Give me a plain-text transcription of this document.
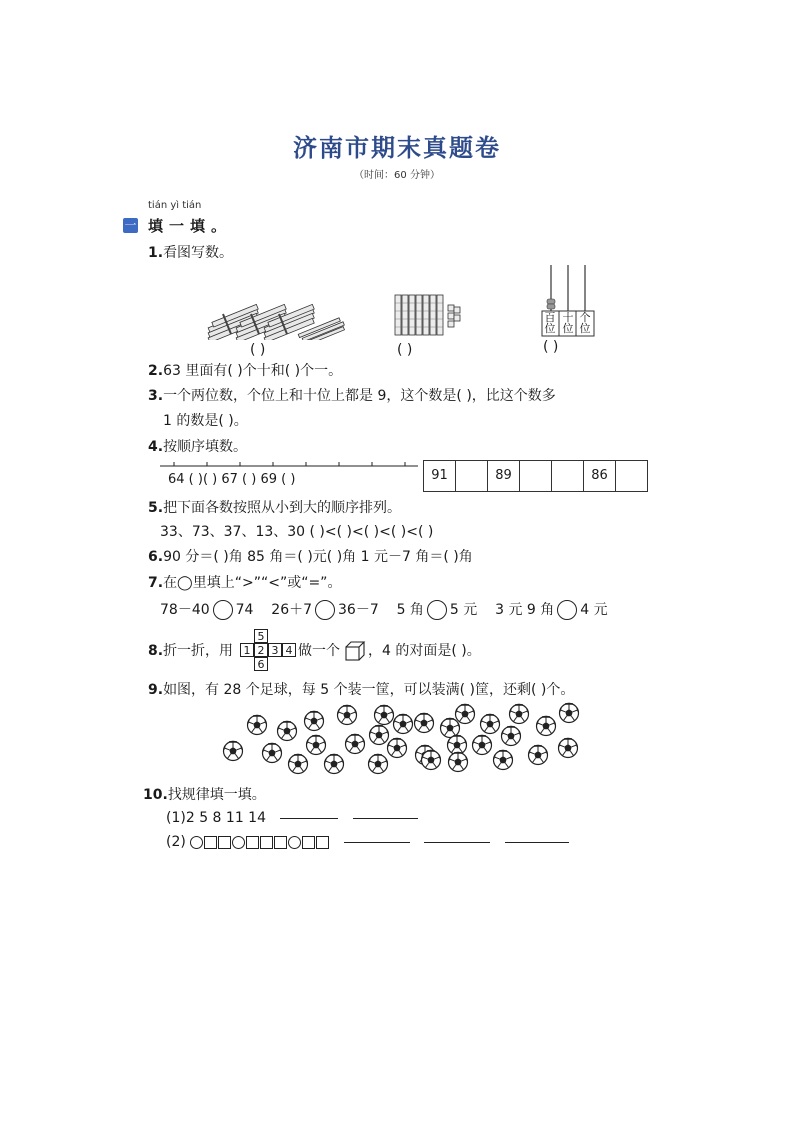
济南市期末真题卷
（时间：60 分钟）
tián yì tián
一 填一填。
1.看图写数。
( )	( )
百位
十位
个位
( )
2.63 里面有( )个十和( )个一。
3.一个两位数，个位上和十位上都是 9，这个数是( )，比这个数多
1 的数是( )。
4.按顺序填数。
64 ( )( ) 67 ( ) 69 ( )	91	89	86
5.把下面各数按照从小到大的顺序排列。
33、73、37、13、30 ( )<( )<( )<( )<( )
6.90 分＝( )角 85 角＝( )元( )角 1 元－7 角＝( )角
7.在◯里填上“>”“<”或“=”。
78－40 74 26＋7 36－7 5 角 5 元 3 元 9 角 4 元
8.折一折，用
5
1 2 3 4
6
做一个 ，4 的对面是( )。
9.如图，有 28 个足球，每 5 个装一筐，可以装满( )筐，还剩( )个。
10.找规律填一填。
(1)2 5 8 11 14
(2)
